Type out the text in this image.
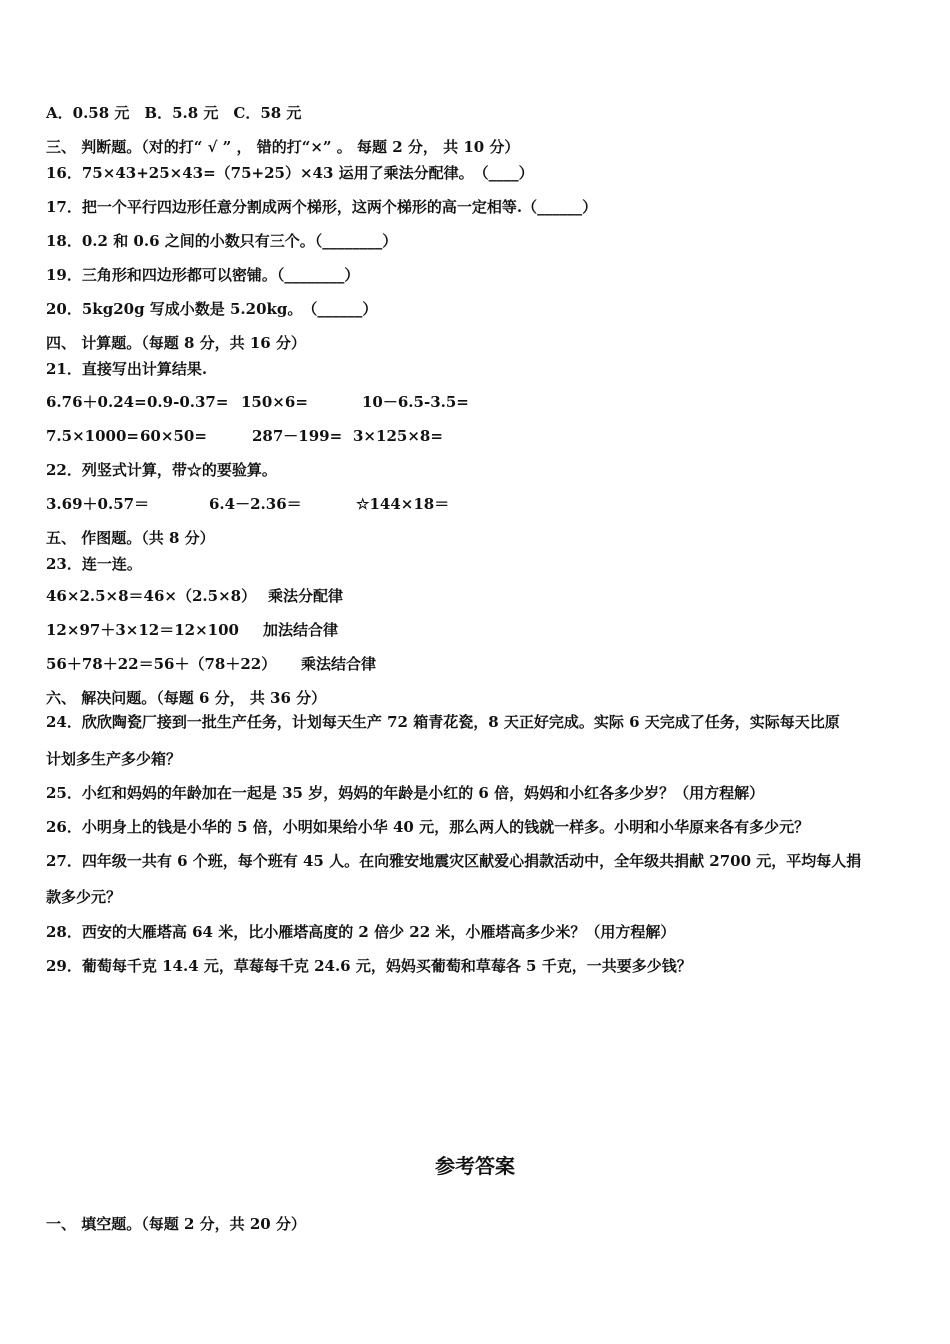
A．0.58 元　B．5.8 元　C．58 元
三、 判断题。（对的打“ √ ” ， 错的打“×” 。 每题 2 分， 共 10 分）
16．75×43+25×43=（75+25）×43 运用了乘法分配律。　（____）
17．把一个平行四边形任意分割成两个梯形，这两个梯形的高一定相等.（______）
18．0.2 和 0.6 之间的小数只有三个。（________）
19．三角形和四边形都可以密铺。（________）
20．5kg20g 写成小数是 5.20kg。　（______）
四、 计算题。（每题 8 分，共 16 分）
21．直接写出计算结果.
6.76＋0.24= 0.9-0.37= 150×6=	10－6.5-3.5=
7.5×1000= 60×50=	287－199= 3×125×8=
22．列竖式计算，带☆的要验算。
3.69＋0.57＝	6.4－2.36＝	☆144×18＝
五、 作图题。（共 8 分）
23．连一连。
46×2.5×8＝46×（2.5×8） 乘法分配律
12×97＋3×12＝12×100 加法结合律
56＋78＋22＝56＋（78＋22） 乘法结合律
六、 解决问题。（每题 6 分， 共 36 分）
24．欣欣陶瓷厂接到一批生产任务，计划每天生产 72 箱青花瓷，8 天正好完成。实际 6 天完成了任务，实际每天比原
计划多生产多少箱？
25．小红和妈妈的年龄加在一起是 35 岁，妈妈的年龄是小红的 6 倍，妈妈和小红各多少岁？（用方程解）
26．小明身上的钱是小华的 5 倍，小明如果给小华 40 元，那么两人的钱就一样多。小明和小华原来各有多少元？
27．四年级一共有 6 个班，每个班有 45 人。在向雅安地震灾区献爱心捐款活动中，全年级共捐献 2700 元，平均每人捐
款多少元？
28．西安的大雁塔高 64 米，比小雁塔高度的 2 倍少 22 米，小雁塔高多少米？（用方程解）
29．葡萄每千克 14.4 元，草莓每千克 24.6 元，妈妈买葡萄和草莓各 5 千克，一共要多少钱？
参考答案
一、 填空题。（每题 2 分，共 20 分）
